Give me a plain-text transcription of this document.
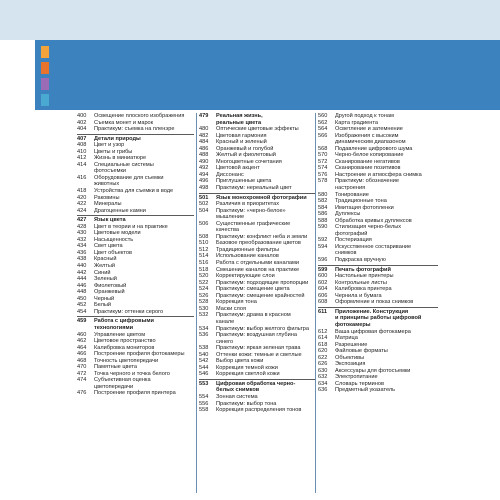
400	Освещение плоского изображения
402	Съемка монет и марок
404	Практикум: съемка на пленэре
407	Детали природы
408	Цвет и узор
410	Цветы и грибы
412	Жизнь в миниатюре
414	Специальные системы
фотосъемки
416	Оборудование для съемки
животных
418	Устройства для съемки в воде
420	Раковины
422	Минералы
424	Драгоценные камни
427	Язык цвета
428	Цвет в теории и на практике
430	Цветовые модели
432	Насыщенность
434	Свет цвета
436	Цвет объектов
438	Красный
440	Желтый
442	Синий
444	Зеленый
446	Фиолетовый
448	Оранжевый
450	Черный
452	Белый
454	Практикум: оттенки серого
459	Работа с цифровыми
технологиями
460	Управление цветом
462	Цветовое пространство
464	Калибровка мониторов
466	Построение профиля фотокамеры
468	Точность цветопередачи
470	Памятные цвета
472	Точка черного и точка белого
474	Субъективная оценка
цветопередачи
476	Построение профиля принтера
479	Реальная жизнь,
реальные цвета
480	Оптические цветовые эффекты
482	Цветовая гармония
484	Красный и зеленый
486	Оранжевый и голубой
488	Желтый и фиолетовый
490	Многоцветные сочетания
492	Цветовой акцент
494	Диссонанс
496	Приглушенные цвета
498	Практикум: нереальный цвет
501	Язык монохромной фотографии
502	Различия в приоритетах
504	Практикум: «черно-белое»
мышление
506	Существенные графические
качества
508	Практикум: конфликт неба и земли
510	Базовое преобразование цветов
512	Традиционные фильтры
514	Использование каналов
516	Работа с отдельными каналами
518	Смешение каналов на практике
520	Корректирующие слои
522	Практикум: подходящие пропорции
524	Практикум: смещение цвета
526	Практикум: смещение крайностей
528	Коррекция тона
530	Маски слоя
532	Практикум: драма в красном
канале
534	Практикум: выбор желтого фильтра
536	Практикум: воздушная глубина
синего
538	Практикум: яркая зеленая трава
540	Оттенки кожи: темные и светлые
542	Выбор цвета кожи
544	Коррекция темной кожи
546	Коррекция светлой кожи
553	Цифровая обработка черно-
белых снимков
554	Зонная система
556	Практикум: выбор тона
558	Коррекция распределения тонов
560	Другой подход к тонам
562	Карта градиента
564	Осветление и затемнение
566	Изображения с высоким
динамическим диапазоном
568	Подавление цифрового шума
570	Черно-белое копирование
572	Сканирование негативов
574	Сканирование позитивов
576	Настроение и атмосфера снимка
578	Практикум: обозначение
настроения
580	Тонирование
582	Традиционные тона
584	Имитация фотопленки
586	Дуплексы
588	Обработка кривых дуплексов
590	Стилизация черно-белых
фотографий
592	Постеризация
594	Искусственное состаривание
снимков
596	Подкраска вручную
599	Печать фотографий
600	Настольные принтеры
602	Контрольные листы
604	Калибровка принтера
606	Чернила и бумага
608	Оформление и показ снимков
611	Приложение. Конструкция
и принципы работы цифровой
фотокамеры
612	Ваша цифровая фотокамера
614	Матрица
618	Разрешение
620	Файловые форматы
622	Объективы
626	Экспозиция
630	Аксессуары для фотосъемки
632	Электропитание
634	Словарь терминов
636	Предметный указатель
